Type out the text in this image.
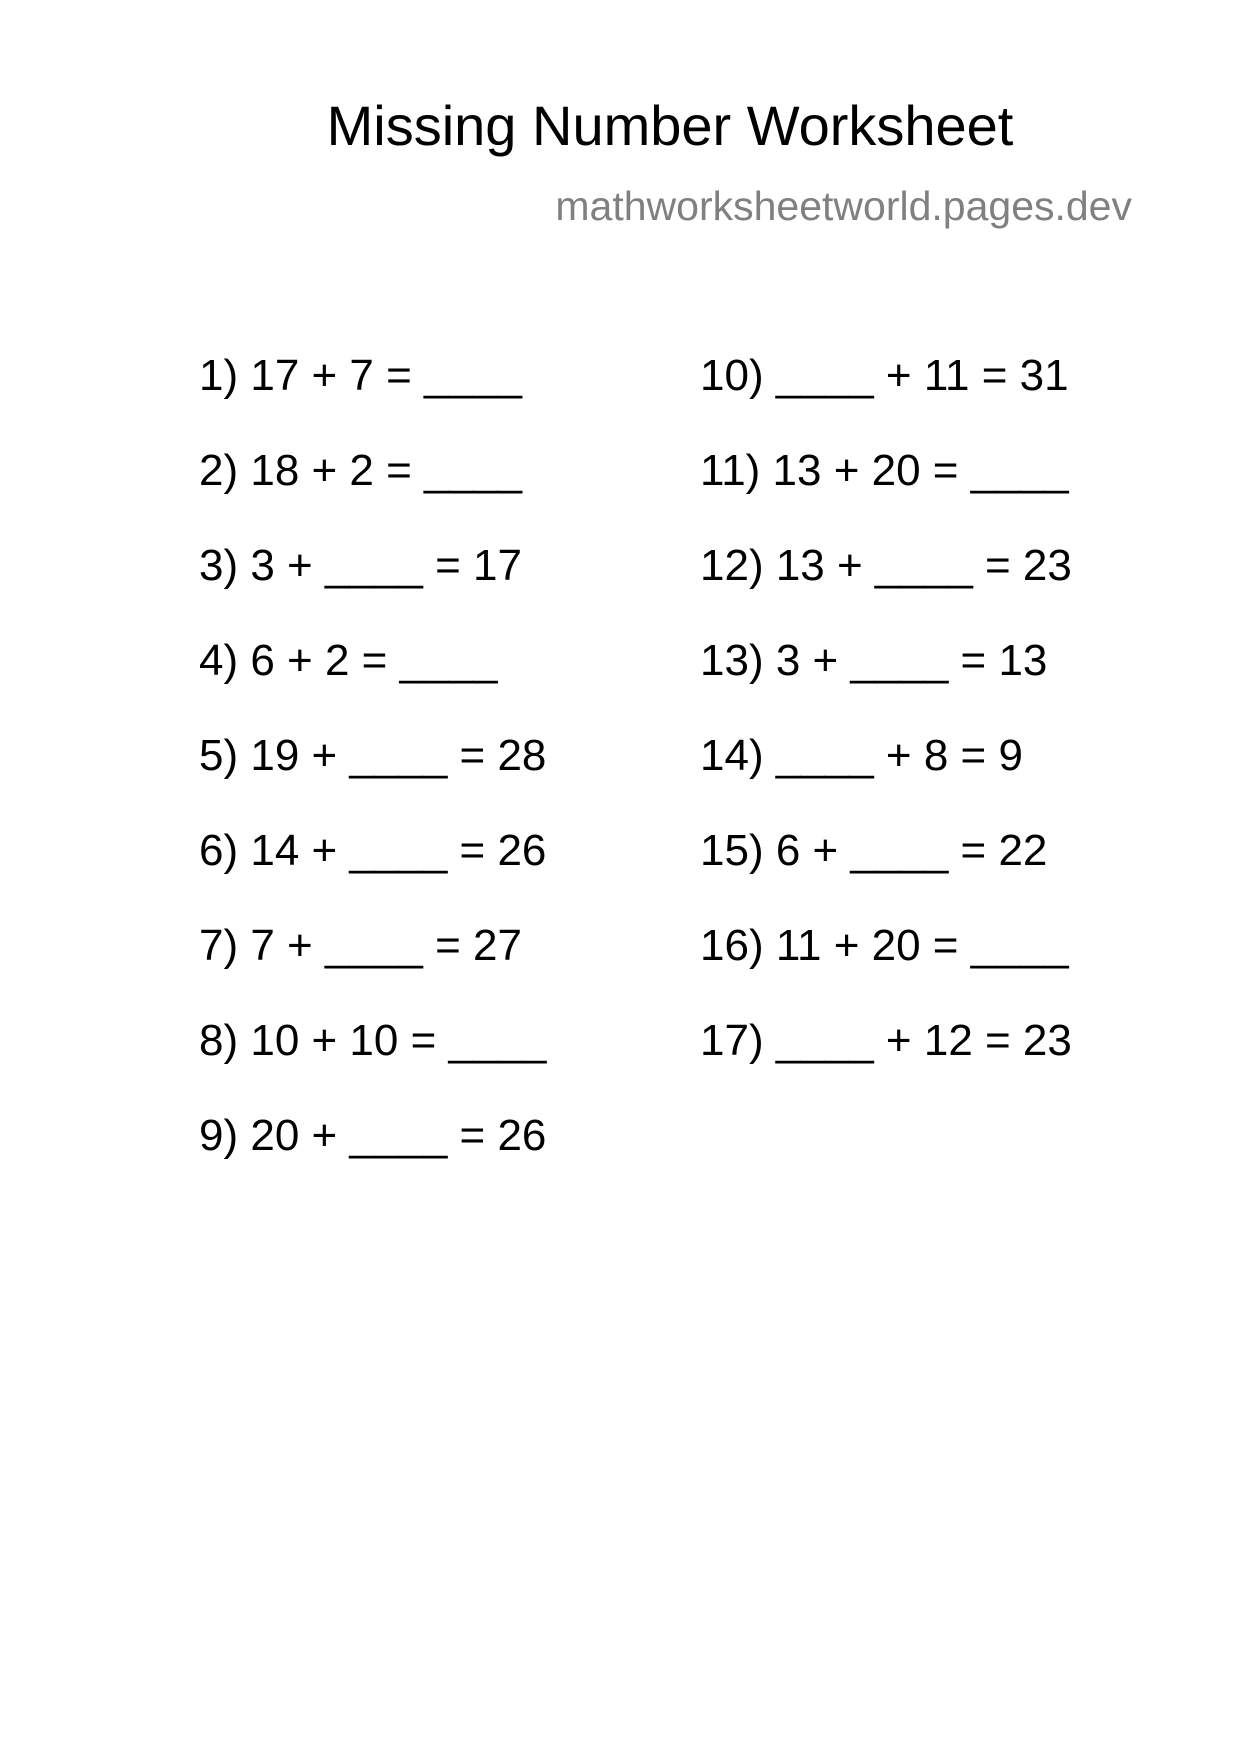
Missing Number Worksheet
mathworksheetworld.pages.dev
1) 17 + 7 = ____
2) 18 + 2 = ____
3) 3 + ____ = 17
4) 6 + 2 = ____
5) 19 + ____ = 28
6) 14 + ____ = 26
7) 7 + ____ = 27
8) 10 + 10 = ____
9) 20 + ____ = 26
10) ____ + 11 = 31
11) 13 + 20 = ____
12) 13 + ____ = 23
13) 3 + ____ = 13
14) ____ + 8 = 9
15) 6 + ____ = 22
16) 11 + 20 = ____
17) ____ + 12 = 23
